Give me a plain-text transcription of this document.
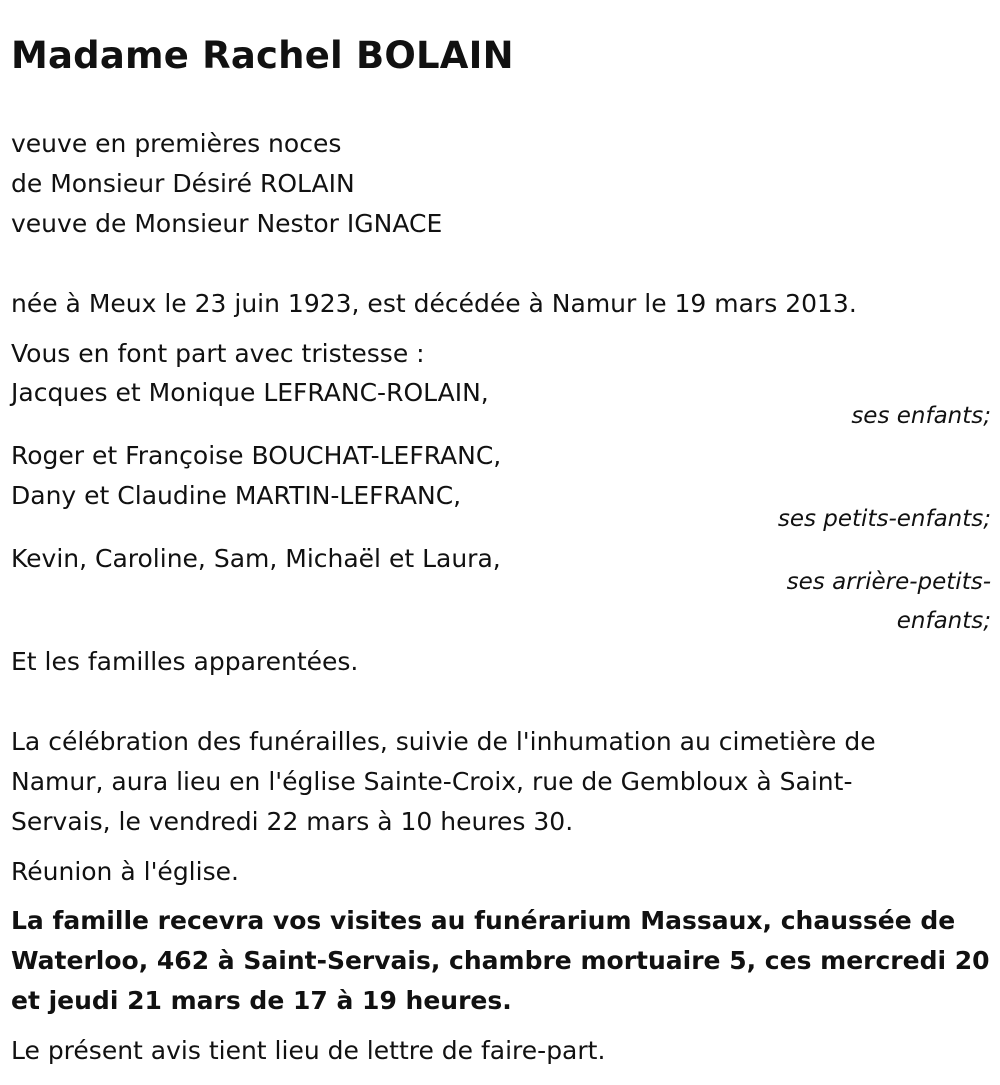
Madame Rachel BOLAIN
veuve en premières noces
de Monsieur Désiré ROLAIN
veuve de Monsieur Nestor IGNACE
née à Meux le 23 juin 1923, est décédée à Namur le 19 mars 2013.
Vous en font part avec tristesse :
Jacques et Monique LEFRANC-ROLAIN,
ses enfants;
Roger et Françoise BOUCHAT-LEFRANC,
Dany et Claudine MARTIN-LEFRANC,
ses petits-enfants;
Kevin, Caroline, Sam, Michaël et Laura,
ses arrière-petits-
enfants;
Et les familles apparentées.
La célébration des funérailles, suivie de l'inhumation au cimetière de
Namur, aura lieu en l'église Sainte-Croix, rue de Gembloux à Saint-
Servais, le vendredi 22 mars à 10 heures 30.
Réunion à l'église.
La famille recevra vos visites au funérarium Massaux, chaussée de
Waterloo, 462 à Saint-Servais, chambre mortuaire 5, ces mercredi 20
et jeudi 21 mars de 17 à 19 heures.
Le présent avis tient lieu de lettre de faire-part.
